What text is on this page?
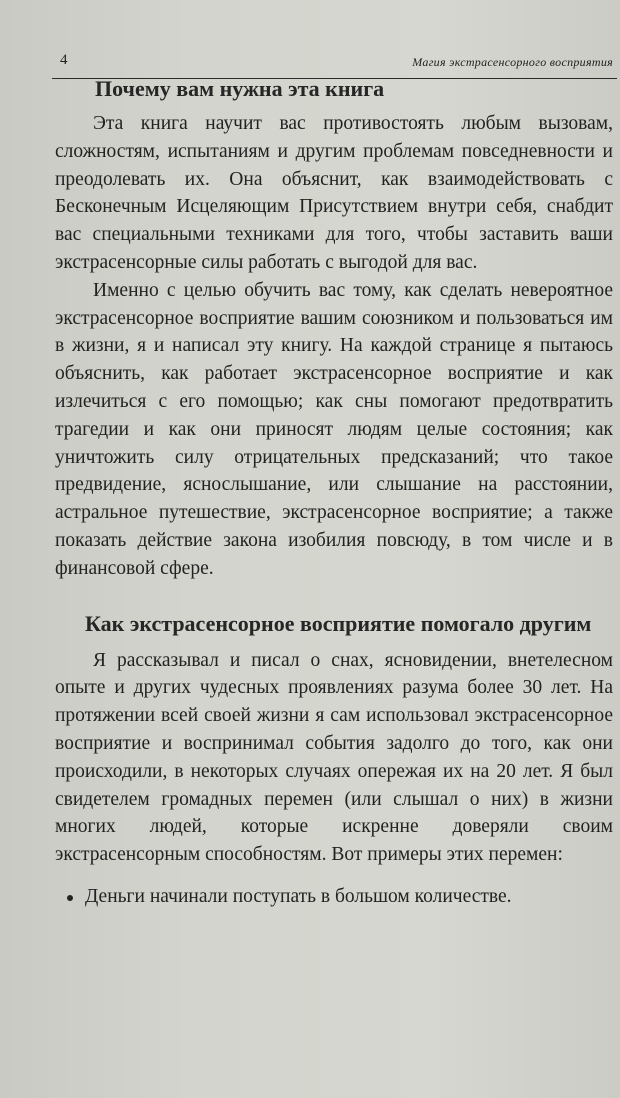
4	Магия экстрасенсорного восприятия
Почему вам нужна эта книга

Эта книга научит вас противостоять любым вызовам, сложностям, испытаниям и другим проблемам повседневности и преодолевать их. Она объяснит, как взаимодействовать с Бесконечным Исцеляющим Присутствием внутри себя, снабдит вас специальными техниками для того, чтобы заставить ваши экстрасенсорные силы работать с выгодой для вас.

Именно с целью обучить вас тому, как сделать невероятное экстрасенсорное восприятие вашим союзником и пользоваться им в жизни, я и написал эту книгу. На каждой странице я пытаюсь объяснить, как работает экстрасенсорное восприятие и как излечиться с его помощью; как сны помогают предотвратить трагедии и как они приносят людям целые состояния; как уничтожить силу отрицательных предсказаний; что такое предвидение, яснослышание, или слышание на расстоянии, астральное путешествие, экстрасенсорное восприятие; а также показать действие закона изобилия повсюду, в том числе и в финансовой сфере.

Как экстрасенсорное восприятие помогало другим

Я рассказывал и писал о снах, ясновидении, внетелесном опыте и других чудесных проявлениях разума более 30 лет. На протяжении всей своей жизни я сам использовал экстрасенсорное восприятие и воспринимал события задолго до того, как они происходили, в некоторых случаях опережая их на 20 лет. Я был свидетелем громадных перемен (или слышал о них) в жизни многих людей, которые искренне доверяли своим экстрасенсорным способностям. Вот примеры этих перемен:

Деньги начинали поступать в большом количестве.
